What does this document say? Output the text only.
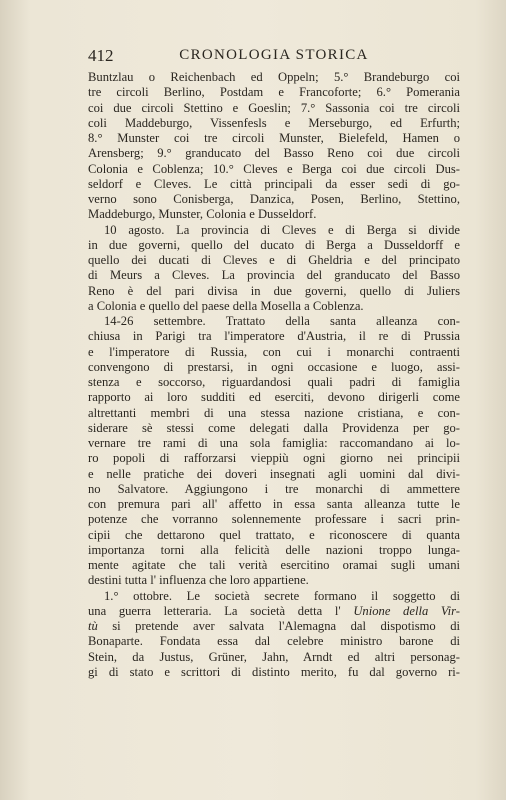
412	CRONOLOGIA STORICA
Buntzlau o Reichenbach ed Oppeln; 5.° Brandeburgo coi
tre circoli Berlino, Postdam e Francoforte; 6.° Pomerania
coi due circoli Stettino e Goeslin; 7.° Sassonia coi tre circoli
coli Maddeburgo, Vissenfesls e Merseburgo, ed Erfurth;
8.° Munster coi tre circoli Munster, Bielefeld, Hamen o
Arensberg; 9.° granducato del Basso Reno coi due circoli
Colonia e Coblenza; 10.° Cleves e Berga coi due circoli Dus-
seldorf e Cleves. Le città principali da esser sedi di go-
verno sono Conisberga, Danzica, Posen, Berlino, Stettino,
Maddeburgo, Munster, Colonia e Dusseldorf.
10 agosto. La provincia di Cleves e di Berga si divide
in due governi, quello del ducato di Berga a Dusseldorff e
quello dei ducati di Cleves e di Gheldria e del principato
di Meurs a Cleves. La provincia del granducato del Basso
Reno è del pari divisa in due governi, quello di Juliers
a Colonia e quello del paese della Mosella a Coblenza.
14-26 settembre. Trattato della santa alleanza con-
chiusa in Parigi tra l'imperatore d'Austria, il re di Prussia
e l'imperatore di Russia, con cui i monarchi contraenti
convengono di prestarsi, in ogni occasione e luogo, assi-
stenza e soccorso, riguardandosi quali padri di famiglia
rapporto ai loro sudditi ed eserciti, devono dirigerli come
altrettanti membri di una stessa nazione cristiana, e con-
siderare sè stessi come delegati dalla Providenza per go-
vernare tre rami di una sola famiglia: raccomandano ai lo-
ro popoli di rafforzarsi vieppiù ogni giorno nei principii
e nelle pratiche dei doveri insegnati agli uomini dal divi-
no Salvatore. Aggiungono i tre monarchi di ammettere
con premura pari all' affetto in essa santa alleanza tutte le
potenze che vorranno solennemente professare i sacri prin-
cipii che dettarono quel trattato, e riconoscere di quanta
importanza torni alla felicità delle nazioni troppo lunga-
mente agitate che tali verità esercitino oramai sugli umani
destini tutta l' influenza che loro appartiene.
1.° ottobre. Le società secrete formano il soggetto di
una guerra letteraria. La società detta l' Unione della Vir-
tù si pretende aver salvata l'Alemagna dal dispotismo di
Bonaparte. Fondata essa dal celebre ministro barone di
Stein, da Justus, Grüner, Jahn, Arndt ed altri personag-
gi di stato e scrittori di distinto merito, fu dal governo ri-
